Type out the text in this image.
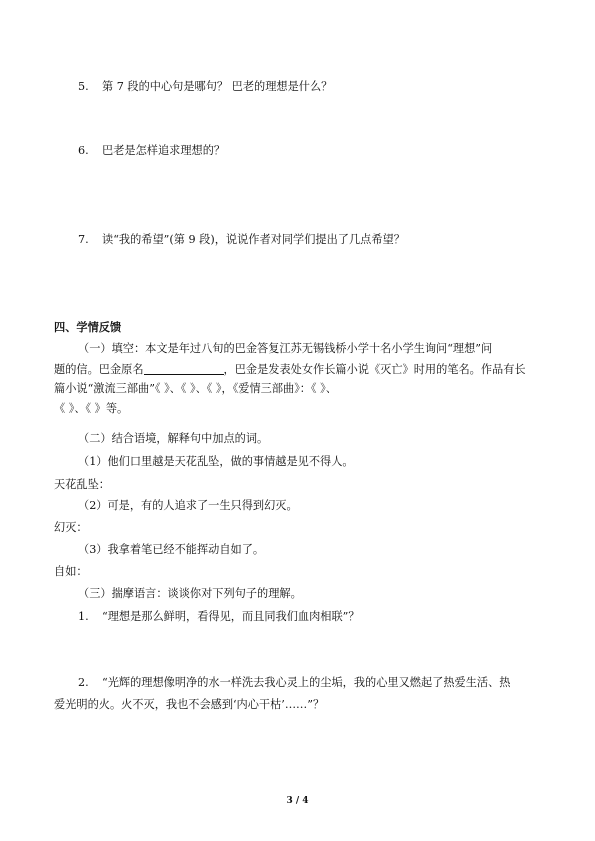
5. 第 7 段的中心句是哪句？ 巴老的理想是什么？
6. 巴老是怎样追求理想的？
7. 读“我的希望”(第 9 段)，说说作者对同学们提出了几点希望？
四、学情反馈
（一）填空：本文是年过八旬的巴金答复江苏无锡钱桥小学十名小学生询问“理想”问
题的信。巴金原名	，巴金是发表处女作长篇小说《灭亡》时用的笔名。作品有长
篇小说“激流三部曲”《 》、《 》、《 》，《爱情三部曲》：《 》、
《 》、《 》等。
（二）结合语境，解释句中加点的词。
（1）他们口里越是天花乱坠，做的事情越是见不得人。
天花乱坠：
（2）可是，有的人追求了一生只得到幻灭。
幻灭：
（3）我拿着笔已经不能挥动自如了。
自如：
（三）揣摩语言：谈谈你对下列句子的理解。
1. “理想是那么鲜明，看得见，而且同我们血肉相联”？
2. “光辉的理想像明净的水一样洗去我心灵上的尘垢，我的心里又燃起了热爱生活、热
爱光明的火。火不灭，我也不会感到‘内心干枯’……”？
3 / 4
